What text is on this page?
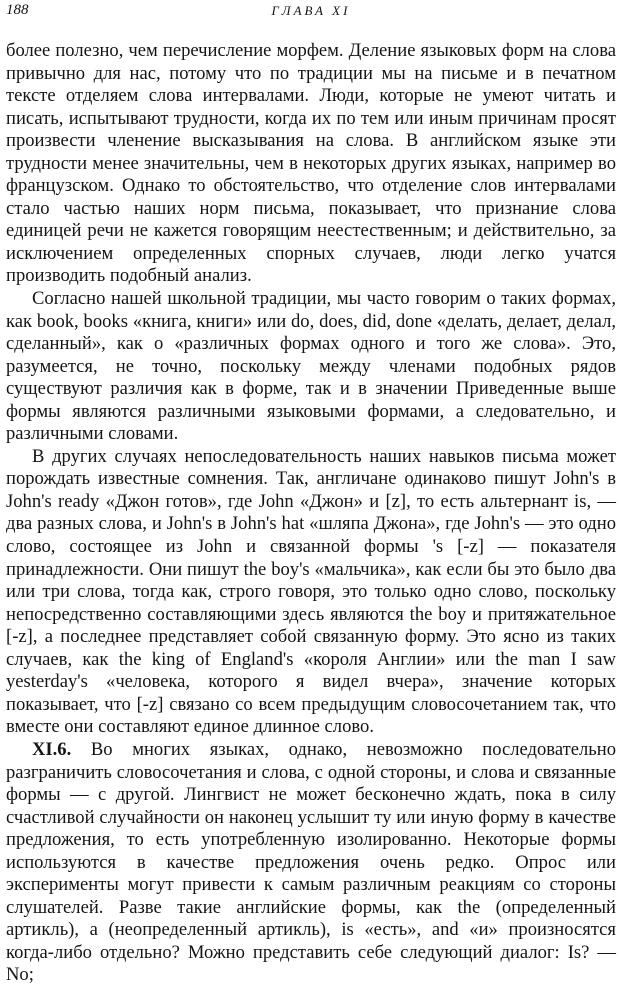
188	ГЛАВА XI

более полезно, чем перечисление морфем. Деление языковых форм на слова привычно для нас, потому что по традиции мы на письме и в печатном тексте отделяем слова интервалами. Люди, которые не умеют читать и писать, испытывают трудности, когда их по тем или иным причинам просят произвести членение высказывания на слова. В английском языке эти трудности менее значительны, чем в некоторых других языках, например во французском. Однако то обстоятельство, что отделение слов интервалами стало частью наших норм письма, показывает, что признание слова единицей речи не кажется говорящим неестественным; и действительно, за исключением определенных спорных случаев, люди легко учатся производить подобный анализ.

Согласно нашей школьной традиции, мы часто говорим о таких формах, как book, books «книга, книги» или do, does, did, done «делать, делает, делал, сделанный», как о «различных формах одного и того же слова». Это, разумеется, не точно, поскольку между членами подобных рядов существуют различия как в форме, так и в значении Приведенные выше формы являются различными языковыми формами, а следовательно, и различными словами.

В других случаях непоследовательность наших навыков письма может порождать известные сомнения. Так, англичане одинаково пишут John's в John's ready «Джон готов», где John «Джон» и [z], то есть альтернант is, — два разных слова, и John's в John's hat «шляпа Джона», где John's — это одно слово, состоящее из John и связанной формы 's [-z] — показателя принадлежности. Они пишут the boy's «мальчика», как если бы это было два или три слова, тогда как, строго говоря, это только одно слово, поскольку непосредственно составляющими здесь являются the boy и притяжательное [-z], а последнее представляет собой связанную форму. Это ясно из таких случаев, как the king of England's «короля Англии» или the man I saw yesterday's «человека, которого я видел вчера», значение которых показывает, что [-z] связано со всем предыдущим словосочетанием так, что вместе они составляют единое длинное слово.

XI.6. Во многих языках, однако, невозможно последовательно разграничить словосочетания и слова, с одной стороны, и слова и связанные формы — с другой. Лингвист не может бесконечно ждать, пока в силу счастливой случайности он наконец услышит ту или иную форму в качестве предложения, то есть употребленную изолированно. Некоторые формы используются в качестве предложения очень редко. Опрос или эксперименты могут привести к самым различным реакциям со стороны слушателей. Разве такие английские формы, как the (определенный артикль), a (неопределенный артикль), is «есть», and «и» произносятся когда-либо отдельно? Можно представить себе следующий диалог: Is? — No;
